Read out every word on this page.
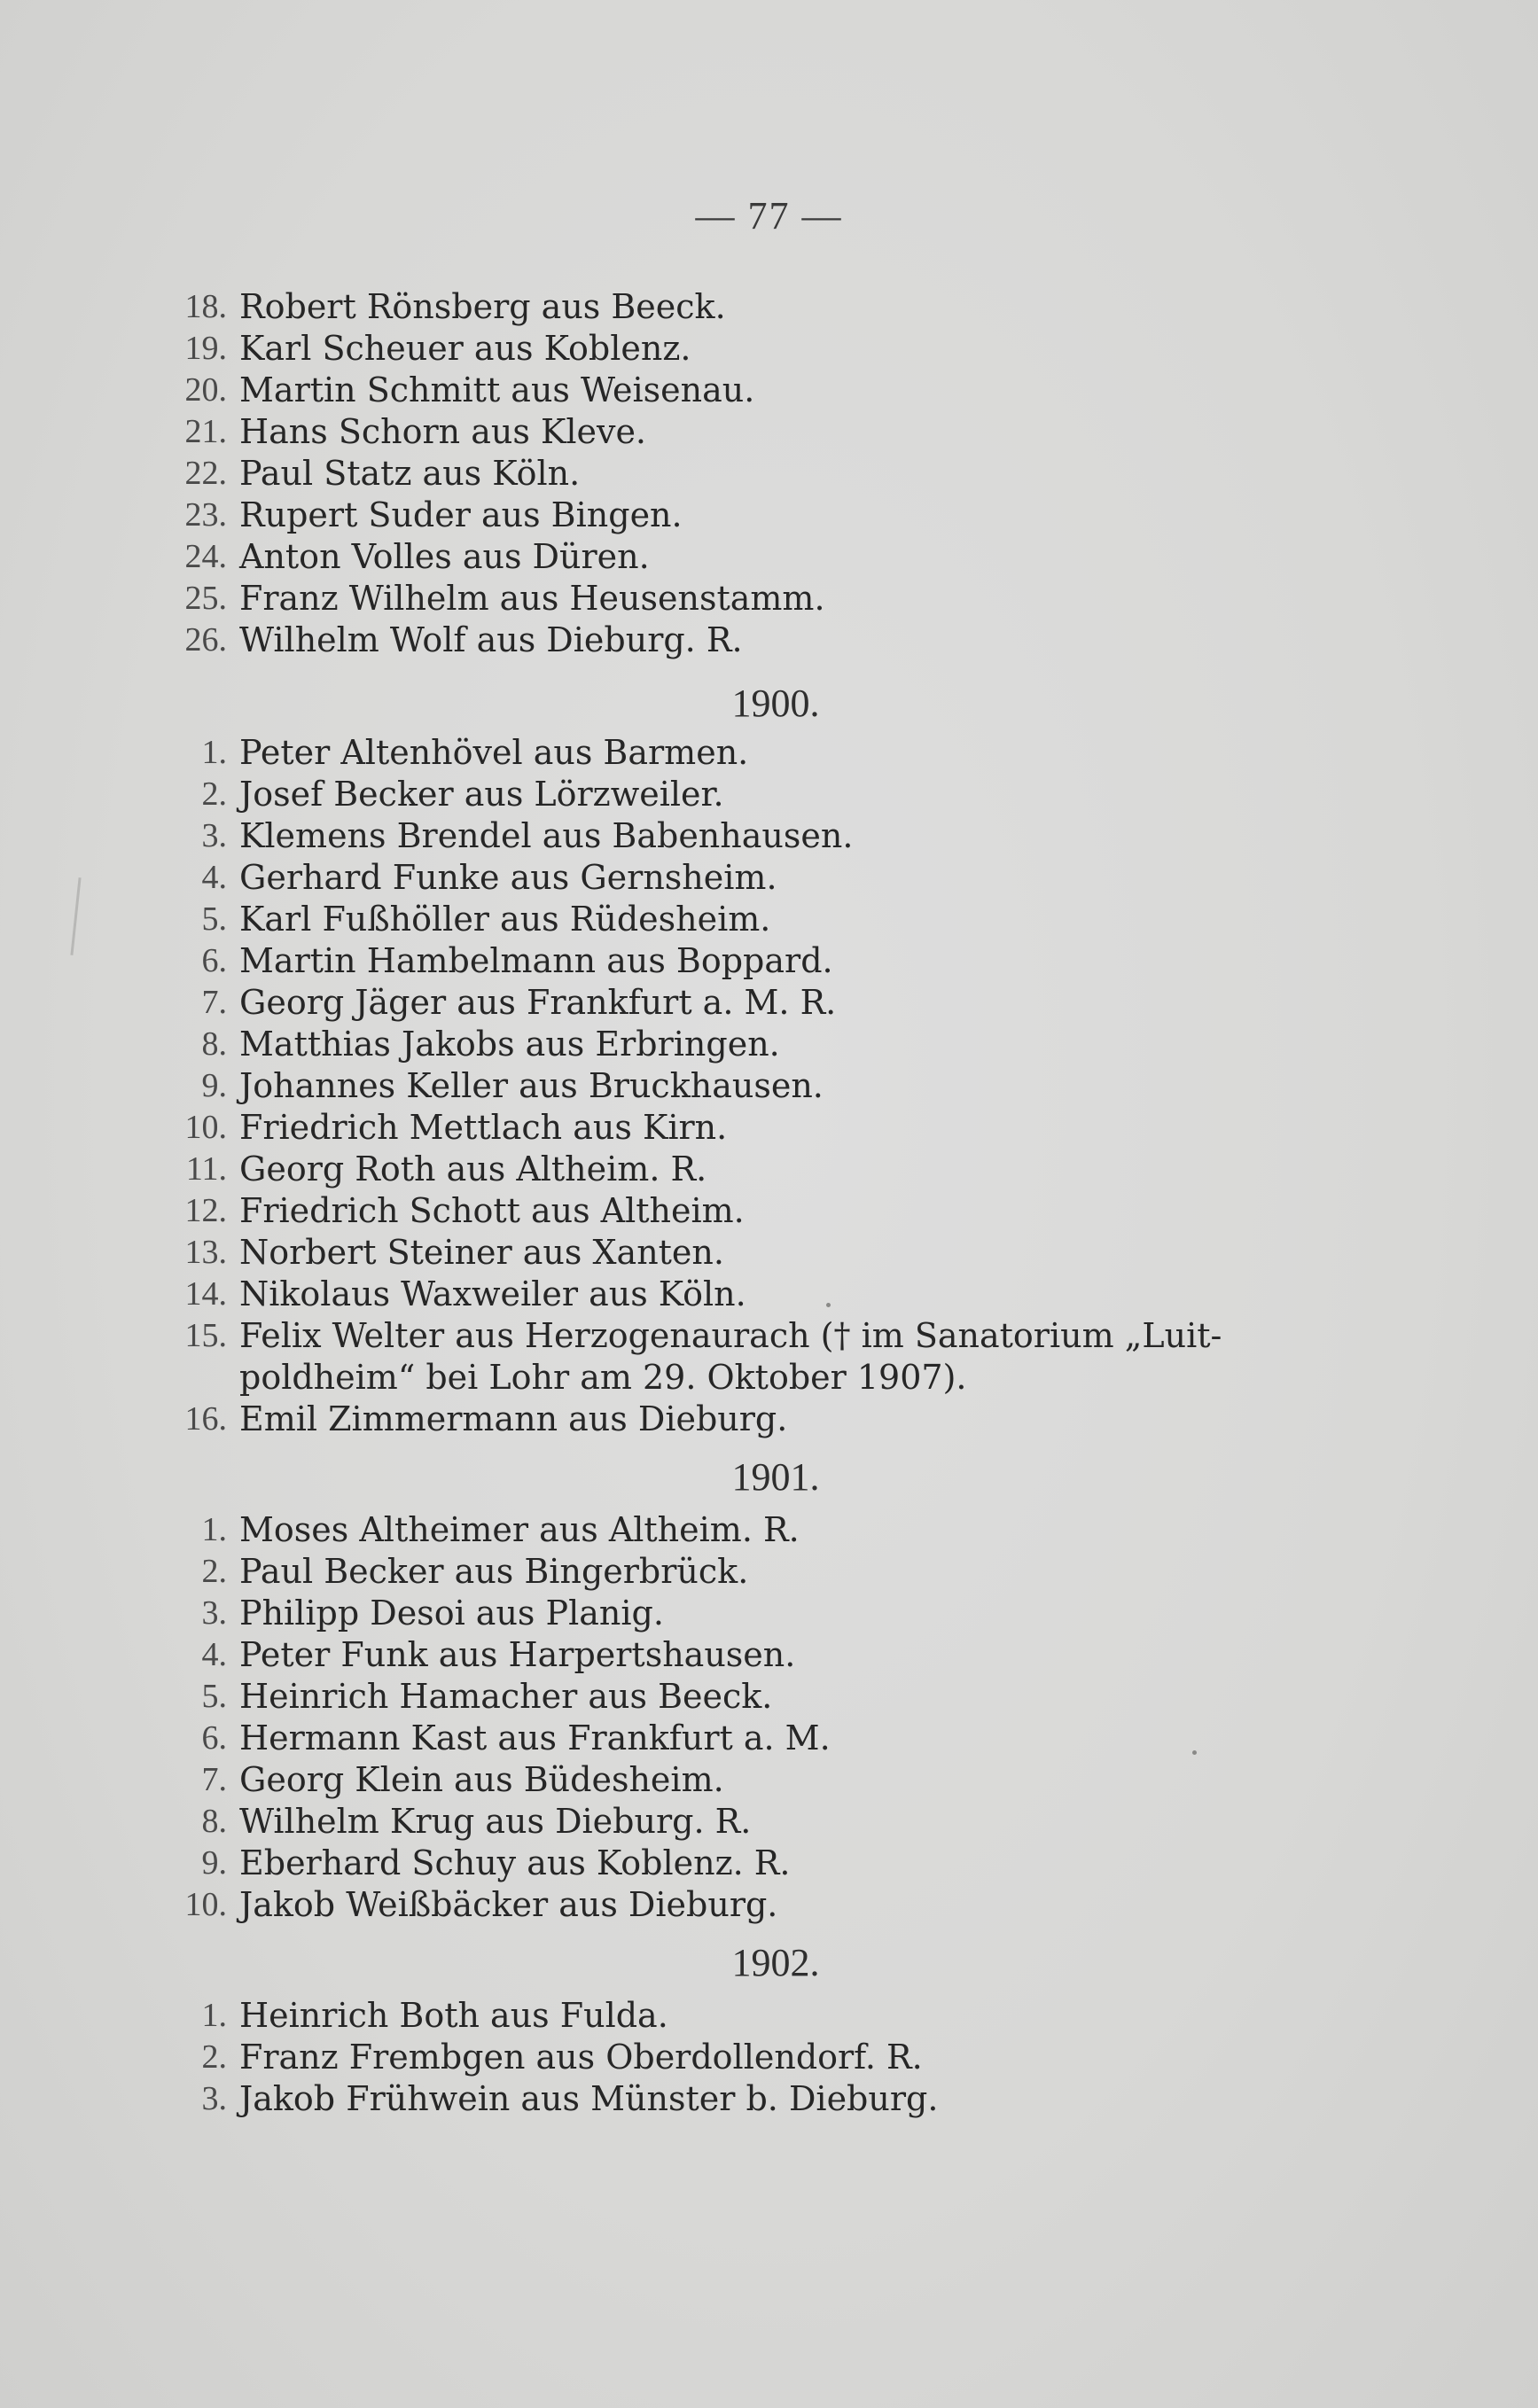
— 77 —
18. Robert Rönsberg aus Beeck.
19. Karl Scheuer aus Koblenz.
20. Martin Schmitt aus Weisenau.
21. Hans Schorn aus Kleve.
22. Paul Statz aus Köln.
23. Rupert Suder aus Bingen.
24. Anton Volles aus Düren.
25. Franz Wilhelm aus Heusenstamm.
26. Wilhelm Wolf aus Dieburg. R.
1900.
1. Peter Altenhövel aus Barmen.
2. Josef Becker aus Lörzweiler.
3. Klemens Brendel aus Babenhausen.
4. Gerhard Funke aus Gernsheim.
5. Karl Fußhöller aus Rüdesheim.
6. Martin Hambelmann aus Boppard.
7. Georg Jäger aus Frankfurt a. M. R.
8. Matthias Jakobs aus Erbringen.
9. Johannes Keller aus Bruckhausen.
10. Friedrich Mettlach aus Kirn.
11. Georg Roth aus Altheim. R.
12. Friedrich Schott aus Altheim.
13. Norbert Steiner aus Xanten.
14. Nikolaus Waxweiler aus Köln.
15. Felix Welter aus Herzogenaurach († im Sanatorium „Luit-
poldheim“ bei Lohr am 29. Oktober 1907).
16. Emil Zimmermann aus Dieburg.
1901.
1. Moses Altheimer aus Altheim. R.
2. Paul Becker aus Bingerbrück.
3. Philipp Desoi aus Planig.
4. Peter Funk aus Harpertshausen.
5. Heinrich Hamacher aus Beeck.
6. Hermann Kast aus Frankfurt a. M.
7. Georg Klein aus Büdesheim.
8. Wilhelm Krug aus Dieburg. R.
9. Eberhard Schuy aus Koblenz. R.
10. Jakob Weißbäcker aus Dieburg.
1902.
1. Heinrich Both aus Fulda.
2. Franz Frembgen aus Oberdollendorf. R.
3. Jakob Frühwein aus Münster b. Dieburg.
